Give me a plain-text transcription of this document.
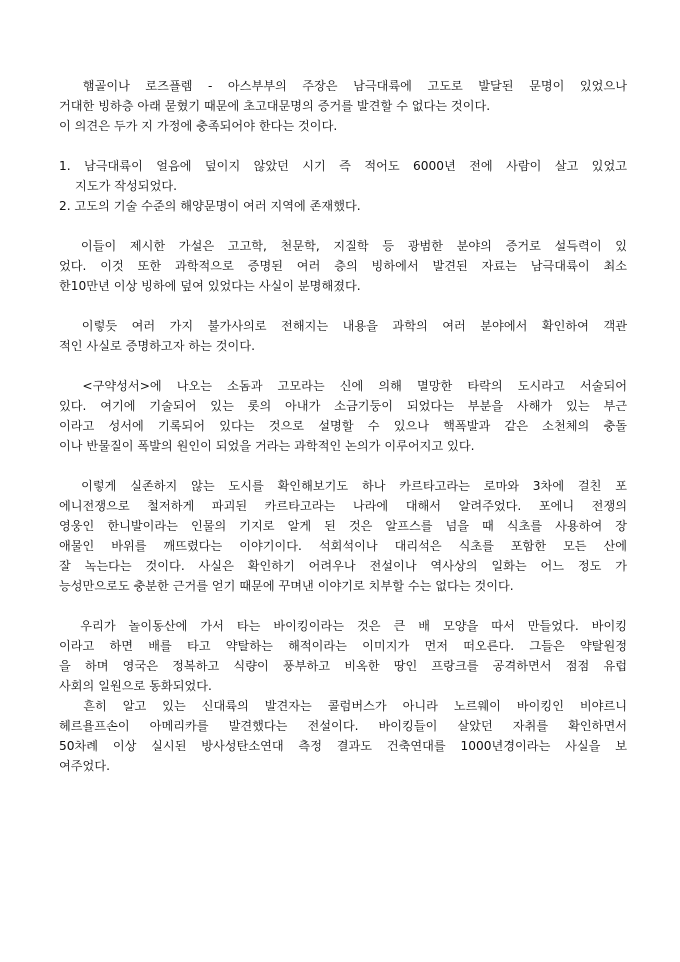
　햄골이나 로즈플렘 - 아스부부의 주장은 남극대륙에 고도로 발달된 문명이 있었으나
거대한 빙하층 아래 묻혔기 때문에 초고대문명의 증거를 발견할 수 없다는 것이다.
이 의견은 두가 지 가정에 충족되어야 한다는 것이다.
1. 남극대륙이 얼음에 덮이지 않았던 시기 즉 적어도 6000년 전에 사람이 살고 있었고
　 지도가 작성되었다.
2. 고도의 기술 수준의 해양문명이 여러 지역에 존재했다.
　이들이 제시한 가설은 고고학, 천문학, 지질학 등 광범한 분야의 증거로 설득력이 있
었다. 이것 또한 과학적으로 증명된 여러 층의 빙하에서 발견된 자료는 남극대륙이 최소
한10만년 이상 빙하에 덮여 있었다는 사실이 분명해졌다.
　이렇듯 여러 가지 불가사의로 전해지는 내용을 과학의 여러 분야에서 확인하여 객관
적인 사실로 증명하고자 하는 것이다.
　<구약성서>에 나오는 소돔과 고모라는 신에 의해 멸망한 타락의 도시라고 서술되어
있다. 여기에 기술되어 있는 롯의 아내가 소금기둥이 되었다는 부분을 사해가 있는 부근
이라고 성서에 기록되어 있다는 것으로 설명할 수 있으나 핵폭발과 같은 소천체의 충돌
이나 반물질이 폭발의 원인이 되었을 거라는 과학적인 논의가 이루어지고 있다.
　이렇게 실존하지 않는 도시를 확인해보기도 하나 카르타고라는 로마와 3차에 걸친 포
에니전쟁으로 철저하게 파괴된 카르타고라는 나라에 대해서 알려주었다. 포에니 전쟁의
영웅인 한니발이라는 인물의 기지로 알게 된 것은 알프스를 넘을 때 식초를 사용하여 장
애물인 바위를 깨뜨렸다는 이야기이다. 석회석이나 대리석은 식초를 포함한 모든 산에
잘 녹는다는 것이다. 사실은 확인하기 어려우나 전설이나 역사상의 일화는 어느 정도 가
능성만으로도 충분한 근거를 얻기 때문에 꾸며낸 이야기로 치부할 수는 없다는 것이다.
　우리가 놀이동산에 가서 타는 바이킹이라는 것은 큰 배 모양을 따서 만들었다. 바이킹
이라고 하면 배를 타고 약탈하는 해적이라는 이미지가 먼저 떠오른다. 그들은 약탈원정
을 하며 영국은 정복하고 식량이 풍부하고 비옥한 땅인 프랑크를 공격하면서 점점 유럽
사회의 일원으로 동화되었다.
　흔히 알고 있는 신대륙의 발견자는 콜럼버스가 아니라 노르웨이 바이킹인 비야르니
헤르욜프손이 아메리카를 발견했다는 전설이다. 바이킹들이 살았던 자취를 확인하면서
50차례 이상 실시된 방사성탄소연대 측정 결과도 건축연대를 1000년경이라는 사실을 보
여주었다.
